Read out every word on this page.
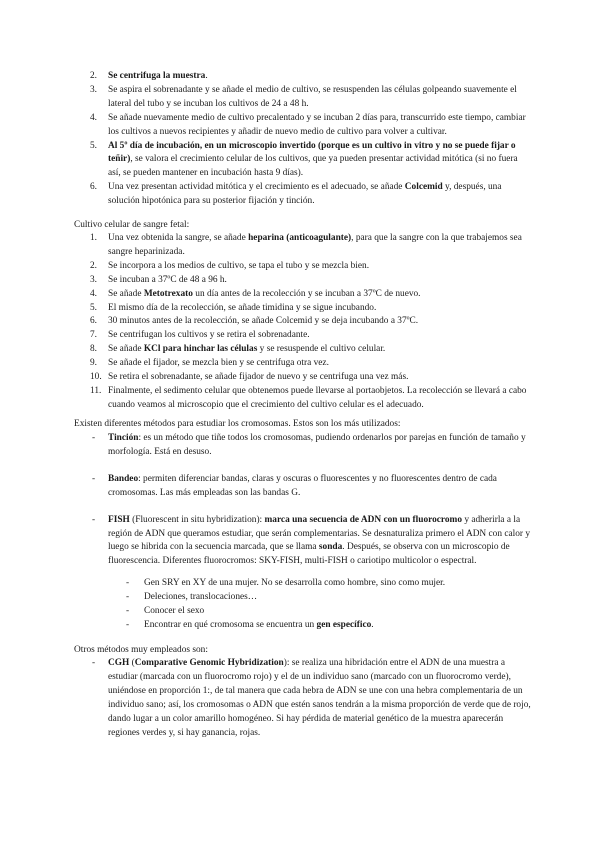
2.	Se centrifuga la muestra.
3.	Se aspira el sobrenadante y se añade el medio de cultivo, se resuspenden las células golpeando suavemente el lateral del tubo y se incuban los cultivos de 24 a 48 h.
4.	Se añade nuevamente medio de cultivo precalentado y se incuban 2 días para, transcurrido este tiempo, cambiar los cultivos a nuevos recipientes y añadir de nuevo medio de cultivo para volver a cultivar.
5.	Al 5º día de incubación, en un microscopio invertido (porque es un cultivo in vitro y no se puede fijar o teñir), se valora el crecimiento celular de los cultivos, que ya pueden presentar actividad mitótica (si no fuera así, se pueden mantener en incubación hasta 9 días).
6.	Una vez presentan actividad mitótica y el crecimiento es el adecuado, se añade Colcemid y, después, una solución hipotónica para su posterior fijación y tinción.

Cultivo celular de sangre fetal:

1.	Una vez obtenida la sangre, se añade heparina (anticoagulante), para que la sangre con la que trabajemos sea sangre heparinizada.
2.	Se incorpora a los medios de cultivo, se tapa el tubo y se mezcla bien.
3.	Se incuban a 37ºC de 48 a 96 h.
4.	Se añade Metotrexato un día antes de la recolección y se incuban a 37ºC de nuevo.
5.	El mismo día de la recolección, se añade timidina y se sigue incubando.
6.	30 minutos antes de la recolección, se añade Colcemid y se deja incubando a 37ºC.
7.	Se centrifugan los cultivos y se retira el sobrenadante.
8.	Se añade KCl para hinchar las células y se resuspende el cultivo celular.
9.	Se añade el fijador, se mezcla bien y se centrifuga otra vez.
10. Se retira el sobrenadante, se añade fijador de nuevo y se centrifuga una vez más.
11. Finalmente, el sedimento celular que obtenemos puede llevarse al portaobjetos. La recolección se llevará a cabo cuando veamos al microscopio que el crecimiento del cultivo celular es el adecuado.

Existen diferentes métodos para estudiar los cromosomas. Estos son los más utilizados:

- Tinción: es un método que tiñe todos los cromosomas, pudiendo ordenarlos por parejas en función de tamaño y morfología. Está en desuso.
- Bandeo: permiten diferenciar bandas, claras y oscuras o fluorescentes y no fluorescentes dentro de cada cromosomas. Las más empleadas son las bandas G.
- FISH (Fluorescent in situ hybridization): marca una secuencia de ADN con un fluorocromo y adherirla a la región de ADN que queramos estudiar, que serán complementarias. Se desnaturaliza primero el ADN con calor y luego se hibrida con la secuencia marcada, que se llama sonda. Después, se observa con un microscopio de fluorescencia. Diferentes fluorocromos: SKY-FISH, multi-FISH o cariotipo multicolor o espectral.
- Gen SRY en XY de una mujer. No se desarrolla como hombre, sino como mujer.
- Deleciones, translocaciones…
- Conocer el sexo
- Encontrar en qué cromosoma se encuentra un gen específico.

Otros métodos muy empleados son:

- CGH (Comparative Genomic Hybridization): se realiza una hibridación entre el ADN de una muestra a estudiar (marcada con un fluorocromo rojo) y el de un individuo sano (marcado con un fluorocromo verde), uniéndose en proporción 1:, de tal manera que cada hebra de ADN se une con una hebra complementaria de un individuo sano; así, los cromosomas o ADN que estén sanos tendrán a la misma proporción de verde que de rojo, dando lugar a un color amarillo homogéneo. Si hay pérdida de material genético de la muestra aparecerán regiones verdes y, si hay ganancia, rojas.
